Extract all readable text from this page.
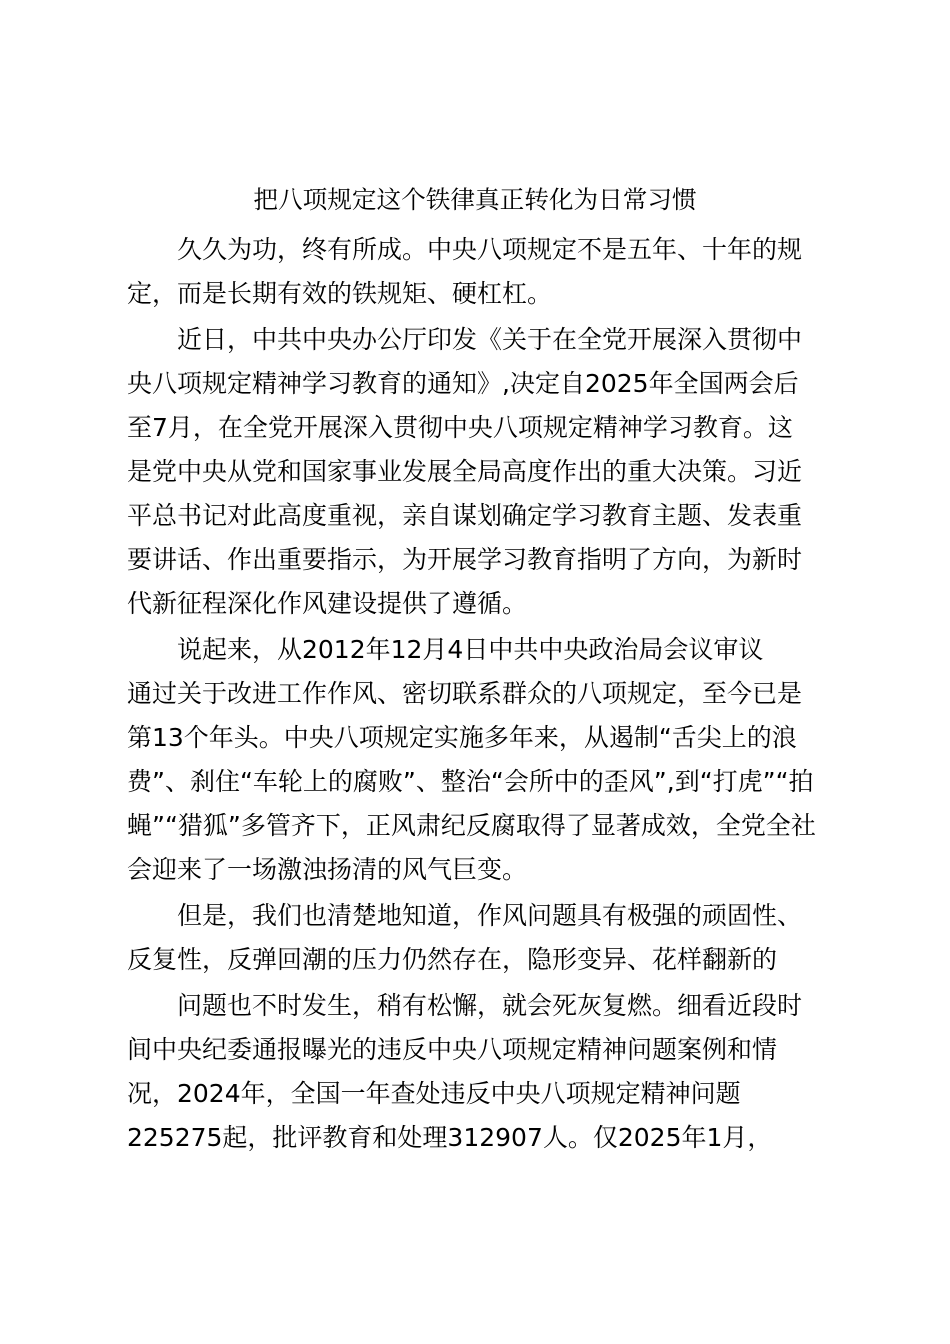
把八项规定这个铁律真正转化为日常习惯
久久为功，终有所成。中央八项规定不是五年、十年的规
定，而是长期有效的铁规矩、硬杠杠。
近日，中共中央办公厅印发《关于在全党开展深入贯彻中
央八项规定精神学习教育的通知》,决定自2025年全国两会后
至7月，在全党开展深入贯彻中央八项规定精神学习教育。这
是党中央从党和国家事业发展全局高度作出的重大决策。习近
平总书记对此高度重视，亲自谋划确定学习教育主题、发表重
要讲话、作出重要指示，为开展学习教育指明了方向，为新时
代新征程深化作风建设提供了遵循。
说起来，从2012年12月4日中共中央政治局会议审议
通过关于改进工作作风、密切联系群众的八项规定，至今已是
第13个年头。中央八项规定实施多年来，从遏制“舌尖上的浪
费”、刹住“车轮上的腐败”、整治“会所中的歪风”,到“打虎”“拍
蝇”“猎狐”多管齐下，正风肃纪反腐取得了显著成效，全党全社
会迎来了一场激浊扬清的风气巨变。
但是，我们也清楚地知道，作风问题具有极强的顽固性、
反复性，反弹回潮的压力仍然存在，隐形变异、花样翻新的
问题也不时发生，稍有松懈，就会死灰复燃。细看近段时
间中央纪委通报曝光的违反中央八项规定精神问题案例和情
况，2024年，全国一年查处违反中央八项规定精神问题
225275起，批评教育和处理312907人。仅2025年1月，
